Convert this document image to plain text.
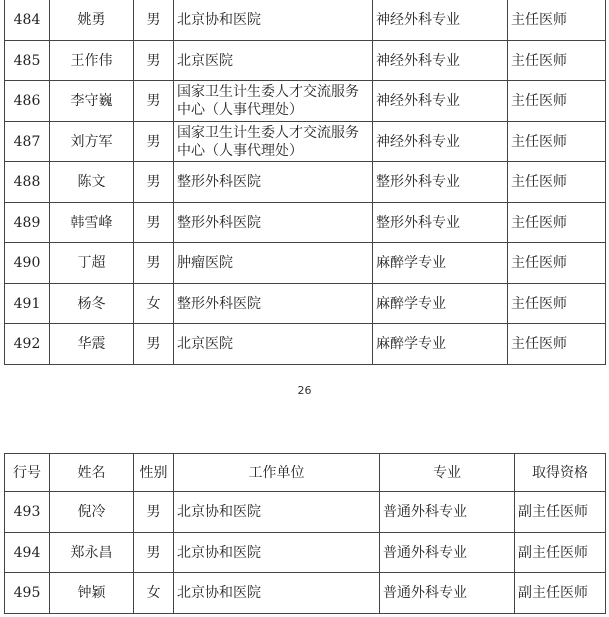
484	姚勇	男	北京协和医院	神经外科专业	主任医师
485	王作伟	男	北京医院	神经外科专业	主任医师
486	李守巍	男	国家卫生计生委人才交流服务中心（人事代理处）	神经外科专业	主任医师
487	刘方军	男	国家卫生计生委人才交流服务中心（人事代理处）	神经外科专业	主任医师
488	陈文	男	整形外科医院	整形外科专业	主任医师
489	韩雪峰	男	整形外科医院	整形外科专业	主任医师
490	丁超	男	肿瘤医院	麻醉学专业	主任医师
491	杨冬	女	整形外科医院	麻醉学专业	主任医师
492	华震	男	北京医院	麻醉学专业	主任医师
26
行号	姓名	性别	工作单位	专业	取得资格
493	倪冷	男	北京协和医院	普通外科专业	副主任医师
494	郑永昌	男	北京协和医院	普通外科专业	副主任医师
495	钟颖	女	北京协和医院	普通外科专业	副主任医师
